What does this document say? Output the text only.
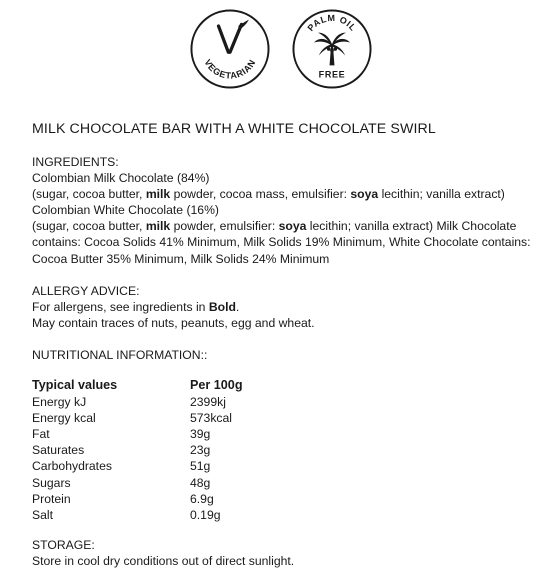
VEGETARIAN
PALM OIL
FREE
MILK CHOCOLATE BAR WITH A WHITE CHOCOLATE SWIRL
INGREDIENTS:

Colombian Milk Chocolate (84%)

(sugar, cocoa butter, milk powder, cocoa mass, emulsifier: soya lecithin; vanilla extract)

Colombian White Chocolate (16%)

(sugar, cocoa butter, milk powder, emulsifier: soya lecithin; vanilla extract) Milk Chocolate

contains: Cocoa Solids 41% Minimum, Milk Solids 19% Minimum, White Chocolate contains:

Cocoa Butter 35% Minimum, Milk Solids 24% Minimum

ALLERGY ADVICE:

For allergens, see ingredients in Bold.

May contain traces of nuts, peanuts, egg and wheat.

NUTRITIONAL INFORMATION::
Typical values	Per 100g
Energy kJ	2399kj
Energy kcal	573kcal
Fat	39g
Saturates	23g
Carbohydrates	51g
Sugars	48g
Protein	6.9g
Salt	0.19g
STORAGE:

Store in cool dry conditions out of direct sunlight.
